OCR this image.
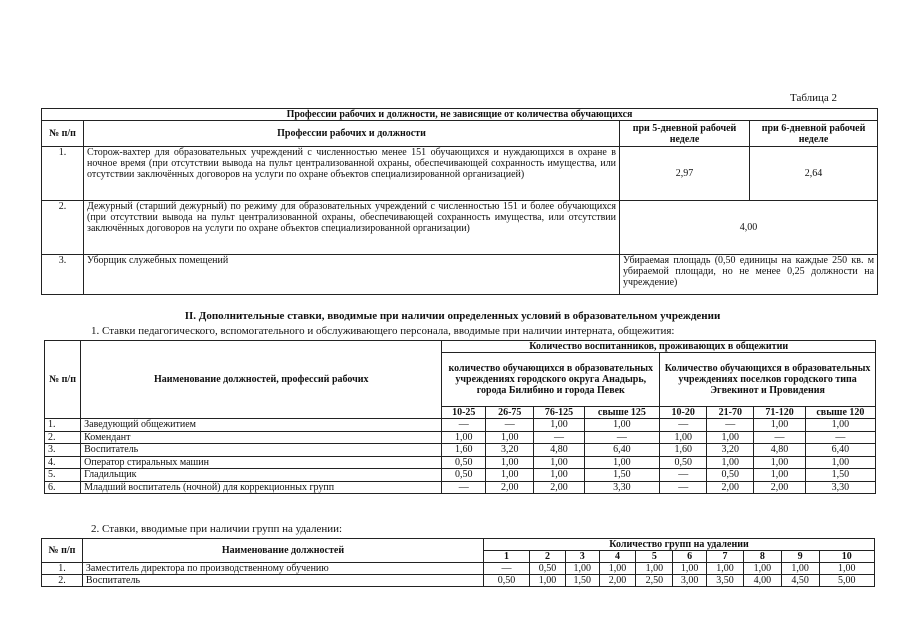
Таблица 2
Профессии рабочих и должности, не зависящие от количества обучающихся			
№ п/п	Профессии рабочих и должности	при 5-дневной рабочей неделе	при 6-дневной рабочей неделе
1.	Сторож-вахтер для образовательных учреждений с численностью менее 151 обучающихся и нуждающихся в охране в ночное время (при отсутствии вывода на пульт централизованной охраны, обеспечивающей сохранность имущества, или отсутствии заключённых договоров на услуги по охране объектов специализированной организацией)	2,97	2,64
2.	Дежурный (старший дежурный) по режиму для образовательных учреждений с численностью 151 и более обучающихся (при отсутствии вывода на пульт централизованной охраны, обеспечивающей сохранность имущества, или отсутствии заключённых договоров на услуги по охране объектов специализированной организации)	4,00	
3.	Уборщик служебных помещений	Убираемая площадь (0,50 единицы на каждые 250 кв. м убираемой площади, но не менее 0,25 должности на учреждение)	
II. Дополнительные ставки, вводимые при наличии определенных условий в образовательном учреждении
1. Ставки педагогического, вспомогательного и обслуживающего персонала, вводимые при наличии интерната, общежития:
№ п/п	Наименование должностей, профессий рабочих	Количество воспитанников, проживающих в общежитии							
		количество обучающихся в образовательных учреждениях городского округа Анадырь, города Билибино и города Певек				Количество обучающихся в образовательных учреждениях поселков городского типа Эгвекинот и Провидения			
		10-25	26-75	76-125	свыше 125	10-20	21-70	71-120	свыше 120
1.	Заведующий общежитием	—	—	1,00	1,00	—	—	1,00	1,00
2.	Комендант	1,00	1,00	—	—	1,00	1,00	—	—
3.	Воспитатель	1,60	3,20	4,80	6,40	1,60	3,20	4,80	6,40
4.	Оператор стиральных машин	0,50	1,00	1,00	1,00	0,50	1,00	1,00	1,00
5.	Гладильщик	0,50	1,00	1,00	1,50	—	0,50	1,00	1,50
6.	Младший воспитатель (ночной) для коррекционных групп	—	2,00	2,00	3,30	—	2,00	2,00	3,30
2. Ставки, вводимые при наличии групп на удалении:
№ п/п	Наименование должностей	Количество групп на удалении									
		1	2	3	4	5	6	7	8	9	10
1.	Заместитель директора по производственному обучению	—	0,50	1,00	1,00	1,00	1,00	1,00	1,00	1,00	1,00
2.	Воспитатель	0,50	1,00	1,50	2,00	2,50	3,00	3,50	4,00	4,50	5,00
